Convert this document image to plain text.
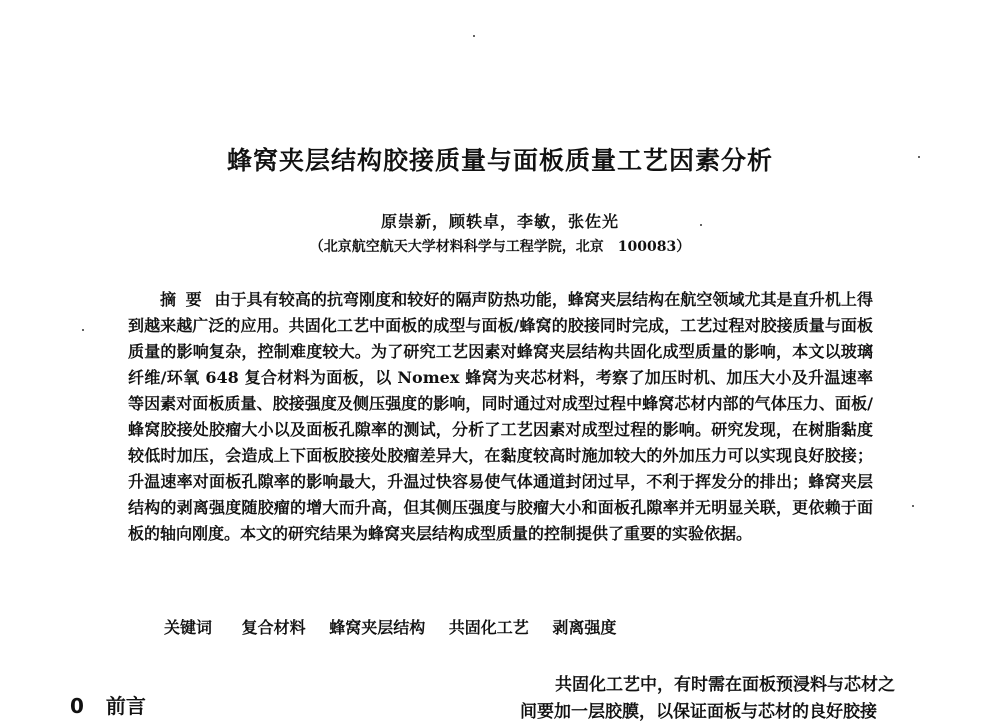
蜂窝夹层结构胶接质量与面板质量工艺因素分析
原崇新，顾轶卓，李敏，张佐光
（北京航空航天大学材料科学与工程学院，北京　100083）

摘要 由于具有较高的抗弯刚度和较好的隔声防热功能，蜂窝夹层结构在航空领域尤其是直升机上得到越来越广泛的应用。共固化工艺中面板的成型与面板/蜂窝的胶接同时完成，工艺过程对胶接质量与面板质量的影响复杂，控制难度较大。为了研究工艺因素对蜂窝夹层结构共固化成型质量的影响，本文以玻璃纤维/环氧 648 复合材料为面板，以 Nomex 蜂窝为夹芯材料，考察了加压时机、加压大小及升温速率等因素对面板质量、胶接强度及侧压强度的影响，同时通过对成型过程中蜂窝芯材内部的气体压力、面板/蜂窝胶接处胶瘤大小以及面板孔隙率的测试，分析了工艺因素对成型过程的影响。研究发现，在树脂黏度较低时加压，会造成上下面板胶接处胶瘤差异大，在黏度较高时施加较大的外加压力可以实现良好胶接；升温速率对面板孔隙率的影响最大，升温过快容易使气体通道封闭过早，不利于挥发分的排出；蜂窝夹层结构的剥离强度随胶瘤的增大而升高，但其侧压强度与胶瘤大小和面板孔隙率并无明显关联，更依赖于面板的轴向刚度。本文的研究结果为蜂窝夹层结构成型质量的控制提供了重要的实验依据。

关键词 复合材料 蜂窝夹层结构 共固化工艺 剥离强度
0 前言
共固化工艺中，有时需在面板预浸料与芯材之
间要加一层胶膜，以保证面板与芯材的良好胶接
